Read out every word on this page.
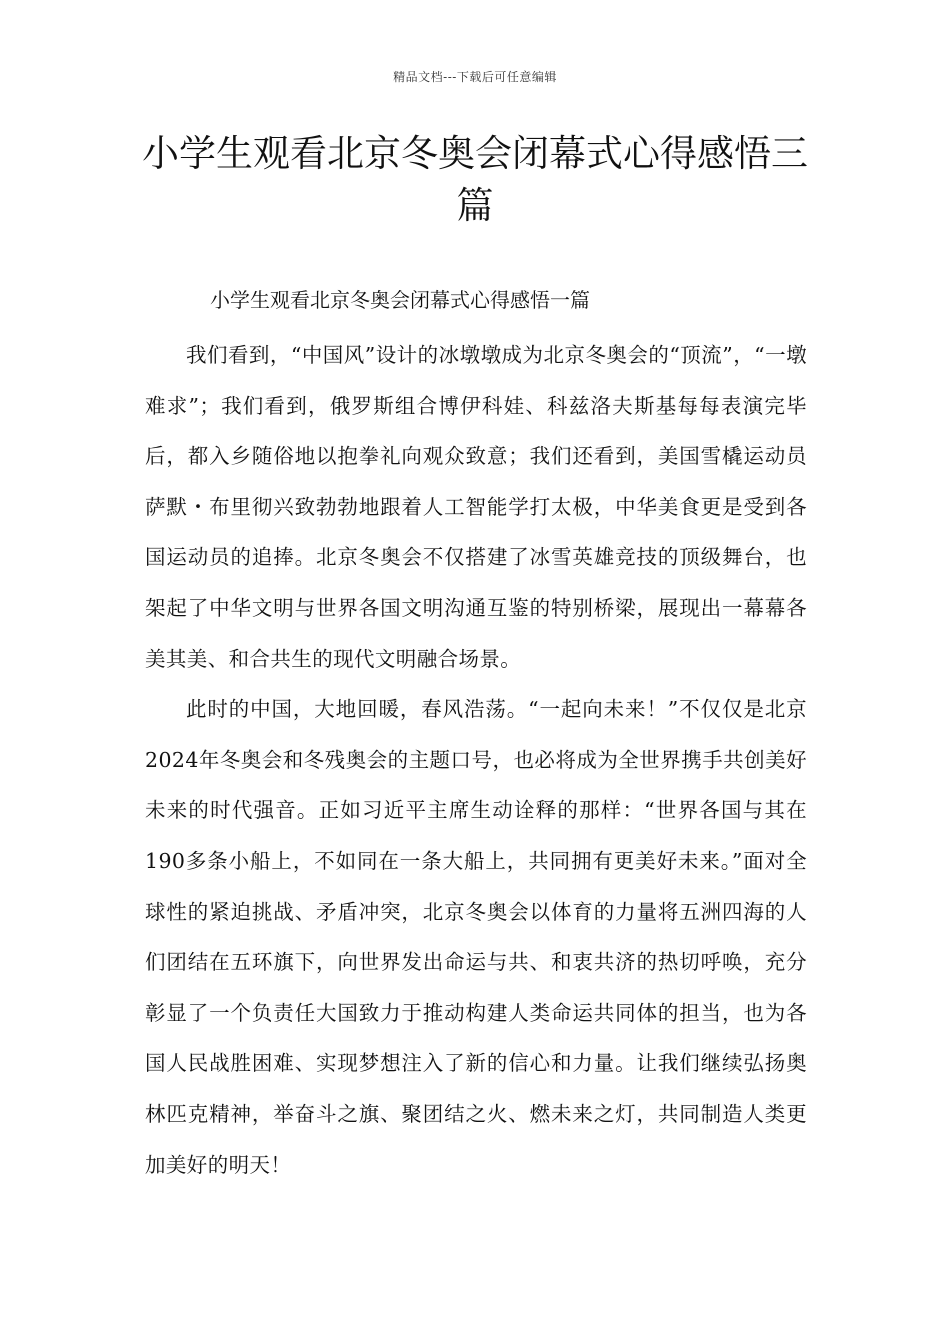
精品文档---下载后可任意编辑
小学生观看北京冬奥会闭幕式心得感悟三篇
小学生观看北京冬奥会闭幕式心得感悟一篇

我们看到，“中国风”设计的冰墩墩成为北京冬奥会的“顶流”，“一墩难求”；我们看到，俄罗斯组合博伊科娃、科兹洛夫斯基每每表演完毕后，都入乡随俗地以抱拳礼向观众致意；我们还看到，美国雪橇运动员萨默・布里彻兴致勃勃地跟着人工智能学打太极，中华美食更是受到各国运动员的追捧。北京冬奥会不仅搭建了冰雪英雄竞技的顶级舞台，也架起了中华文明与世界各国文明沟通互鉴的特别桥梁，展现出一幕幕各美其美、和合共生的现代文明融合场景。

此时的中国，大地回暖，春风浩荡。“一起向未来！”不仅仅是北京2024年冬奥会和冬残奥会的主题口号，也必将成为全世界携手共创美好未来的时代强音。正如习近平主席生动诠释的那样：“世界各国与其在190多条小船上，不如同在一条大船上，共同拥有更美好未来。”面对全球性的紧迫挑战、矛盾冲突，北京冬奥会以体育的力量将五洲四海的人们团结在五环旗下，向世界发出命运与共、和衷共济的热切呼唤，充分彰显了一个负责任大国致力于推动构建人类命运共同体的担当，也为各国人民战胜困难、实现梦想注入了新的信心和力量。让我们继续弘扬奥林匹克精神，举奋斗之旗、聚团结之火、燃未来之灯，共同制造人类更加美好的明天！
